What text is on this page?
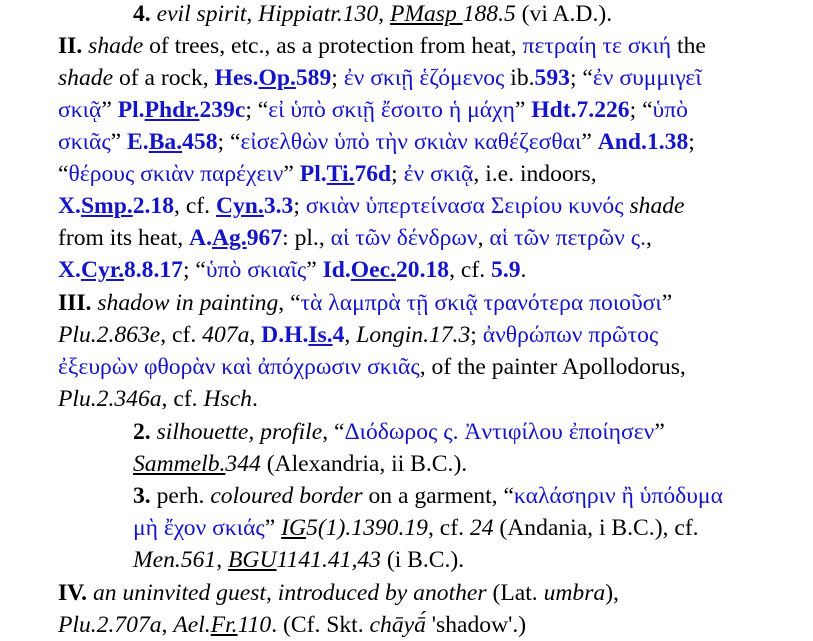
4. evil spirit, Hippiatr.130, PMasp 188.5 (vi A.D.).
II. shade of trees, etc., as a protection from heat, πετραίη τε σκιή the
shade of a rock, Hes.Op.589; ἐν σκιῇ ἑζόμενος ib.593; “ἐν συμμιγεῖ
σκιᾷ” Pl.Phdr.239c; “εἰ ὑπὸ σκιῇ ἔσοιτο ἡ μάχη” Hdt.7.226; “ὑπὸ
σκιᾶς” E.Ba.458; “εἰσελθὼν ὑπὸ τὴν σκιὰν καθέζεσθαι” And.1.38;
“θέρους σκιὰν παρέχειν” Pl.Ti.76d; ἐν σκιᾷ, i.e. indoors,
X.Smp.2.18, cf. Cyn.3.3; σκιὰν ὑπερτείνασα Σειρίου κυνός shade
from its heat, A.Ag.967: pl., αἱ τῶν δένδρων, αἱ τῶν πετρῶν ς.,
X.Cyr.8.8.17; “ὑπὸ σκιαῖς” Id.Oec.20.18, cf. 5.9.
III. shadow in painting, “τὰ λαμπρὰ τῇ σκιᾷ τρανότερα ποιοῦσι”
Plu.2.863e, cf. 407a, D.H.Is.4, Longin.17.3; ἀνθρώπων πρῶτος
ἐξευρὼν φθορὰν καὶ ἀπόχρωσιν σκιᾶς, of the painter Apollodorus,
Plu.2.346a, cf. Hsch.
2. silhouette, profile, “Διόδωρος ς. Ἀντιφίλου ἐποίησεν”
Sammelb.344 (Alexandria, ii B.C.).
3. perh. coloured border on a garment, “καλάσηριν ἢ ὑπόδυμα
μὴ ἔχον σκιάς” IG5(1).1390.19, cf. 24 (Andania, i B.C.), cf.
Men.561, BGU1141.41,43 (i B.C.).
IV. an uninvited guest, introduced by another (Lat. umbra),
Plu.2.707a, Ael.Fr.110. (Cf. Skt. chāyā́ 'shadow'.)
